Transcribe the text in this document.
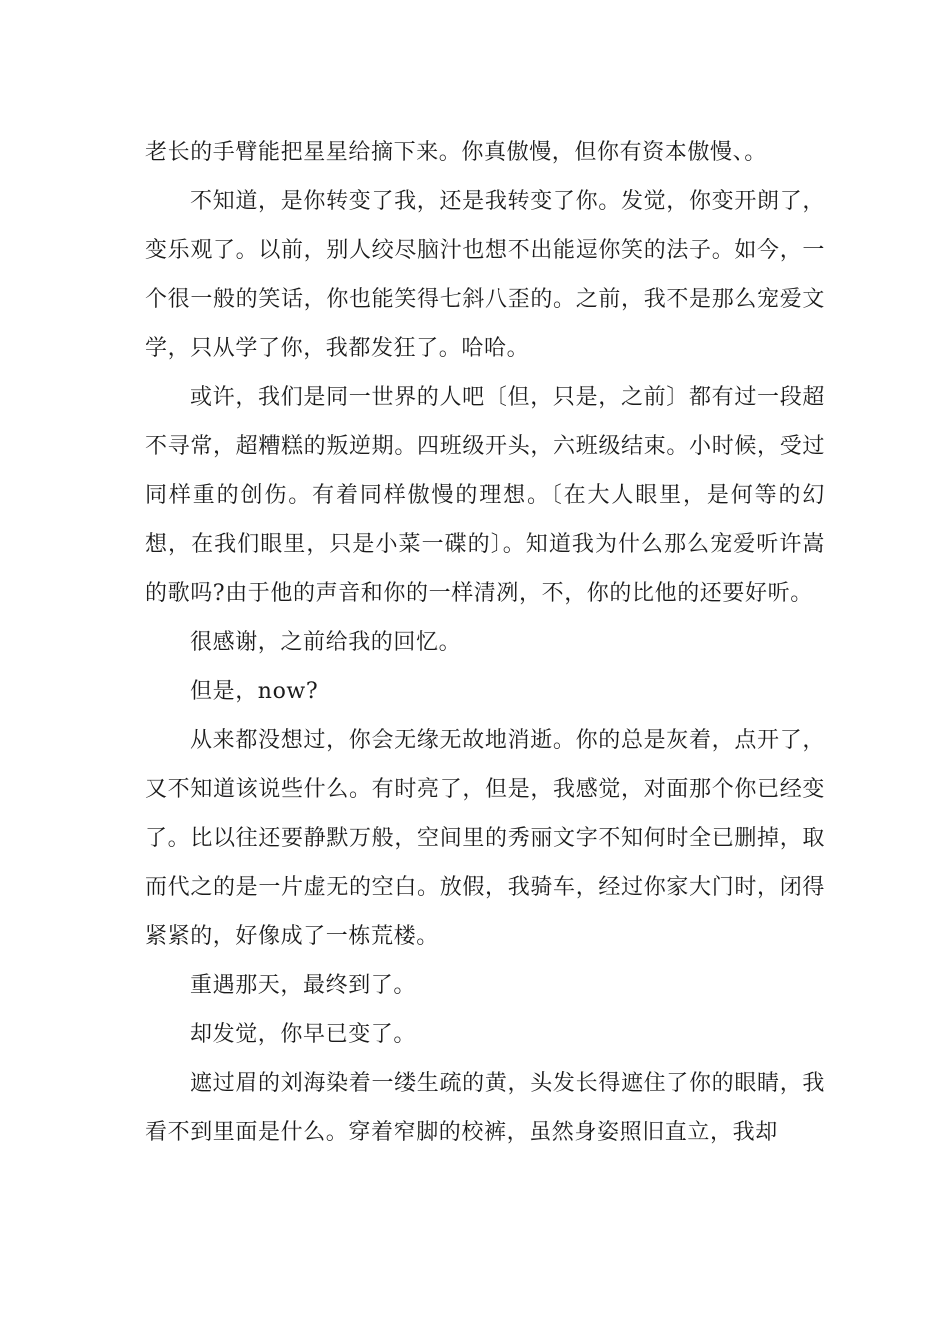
老长的手臂能把星星给摘下来。你真傲慢，但你有资本傲慢、。

不知道，是你转变了我，还是我转变了你。发觉，你变开朗了，变乐观了。以前，别人绞尽脑汁也想不出能逗你笑的法子。如今，一个很一般的笑话，你也能笑得七斜八歪的。之前，我不是那么宠爱文学，只从学了你，我都发狂了。哈哈。

或许，我们是同一世界的人吧〔但，只是，之前〕都有过一段超不寻常，超糟糕的叛逆期。四班级开头，六班级结束。小时候，受过同样重的创伤。有着同样傲慢的理想。〔在大人眼里，是何等的幻想，在我们眼里，只是小菜一碟的〕。知道我为什么那么宠爱听许嵩的歌吗?由于他的声音和你的一样清冽，不，你的比他的还要好听。

很感谢，之前给我的回忆。

但是，now?

从来都没想过，你会无缘无故地消逝。你的总是灰着，点开了，又不知道该说些什么。有时亮了，但是，我感觉，对面那个你已经变了。比以往还要静默万般，空间里的秀丽文字不知何时全已删掉，取而代之的是一片虚无的空白。放假，我骑车，经过你家大门时，闭得紧紧的，好像成了一栋荒楼。

重遇那天，最终到了。

却发觉，你早已变了。

遮过眉的刘海染着一缕生疏的黄，头发长得遮住了你的眼睛，我看不到里面是什么。穿着窄脚的校裤，虽然身姿照旧直立，我却
